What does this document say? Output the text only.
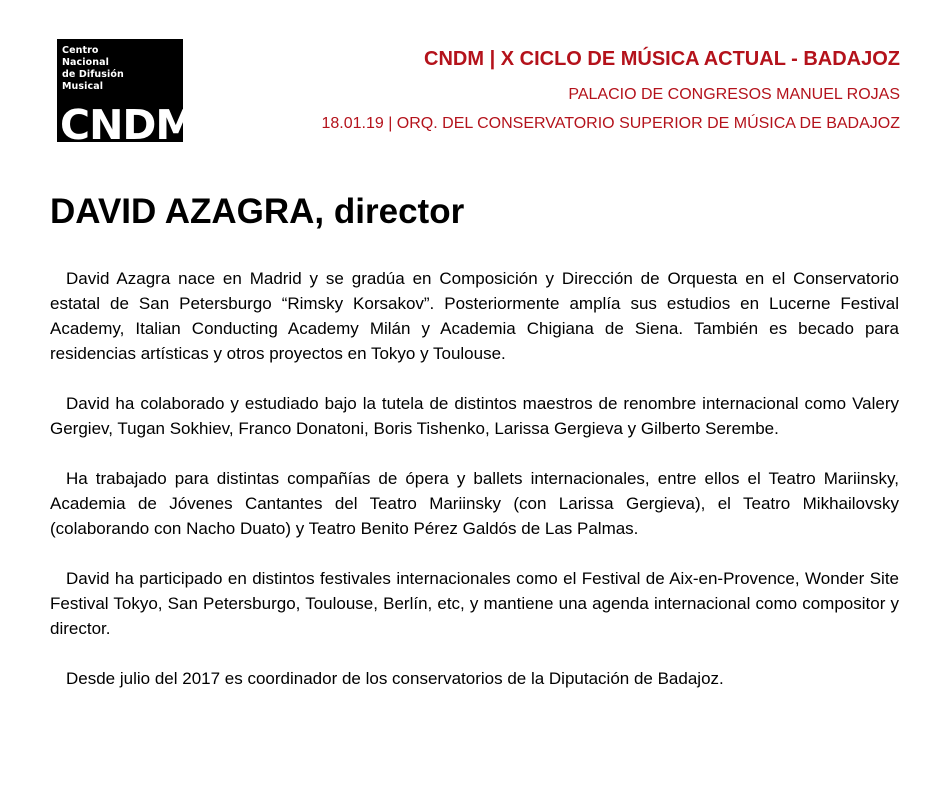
Centro
Nacional
de Difusión
Musical
CNDM
CNDM | X CICLO DE MÚSICA ACTUAL - BADAJOZ
PALACIO DE CONGRESOS MANUEL ROJAS
18.01.19 | ORQ. DEL CONSERVATORIO SUPERIOR DE MÚSICA DE BADAJOZ
DAVID AZAGRA, director

David Azagra nace en Madrid y se gradúa en Composición y Dirección de Orquesta en el Conservatorio estatal de San Petersburgo “Rimsky Korsakov”. Posteriormente amplía sus estudios en Lucerne Festival Academy, Italian Conducting Academy Milán y Academia Chigiana de Siena. También es becado para residencias artísticas y otros proyectos en Tokyo y Toulouse.

David ha colaborado y estudiado bajo la tutela de distintos maestros de renombre internacional como Valery Gergiev, Tugan Sokhiev, Franco Donatoni, Boris Tishenko, Larissa Gergieva y Gilberto Serembe.

Ha trabajado para distintas compañías de ópera y ballets internacionales, entre ellos el Teatro Mariinsky, Academia de Jóvenes Cantantes del Teatro Mariinsky (con Larissa Gergieva), el Teatro Mikhailovsky (colaborando con Nacho Duato) y Teatro Benito Pérez Galdós de Las Palmas.

David ha participado en distintos festivales internacionales como el Festival de Aix-en-Provence, Wonder Site Festival Tokyo, San Petersburgo, Toulouse, Berlín, etc, y mantiene una agenda internacional como compositor y director.

Desde julio del 2017 es coordinador de los conservatorios de la Diputación de Badajoz.
